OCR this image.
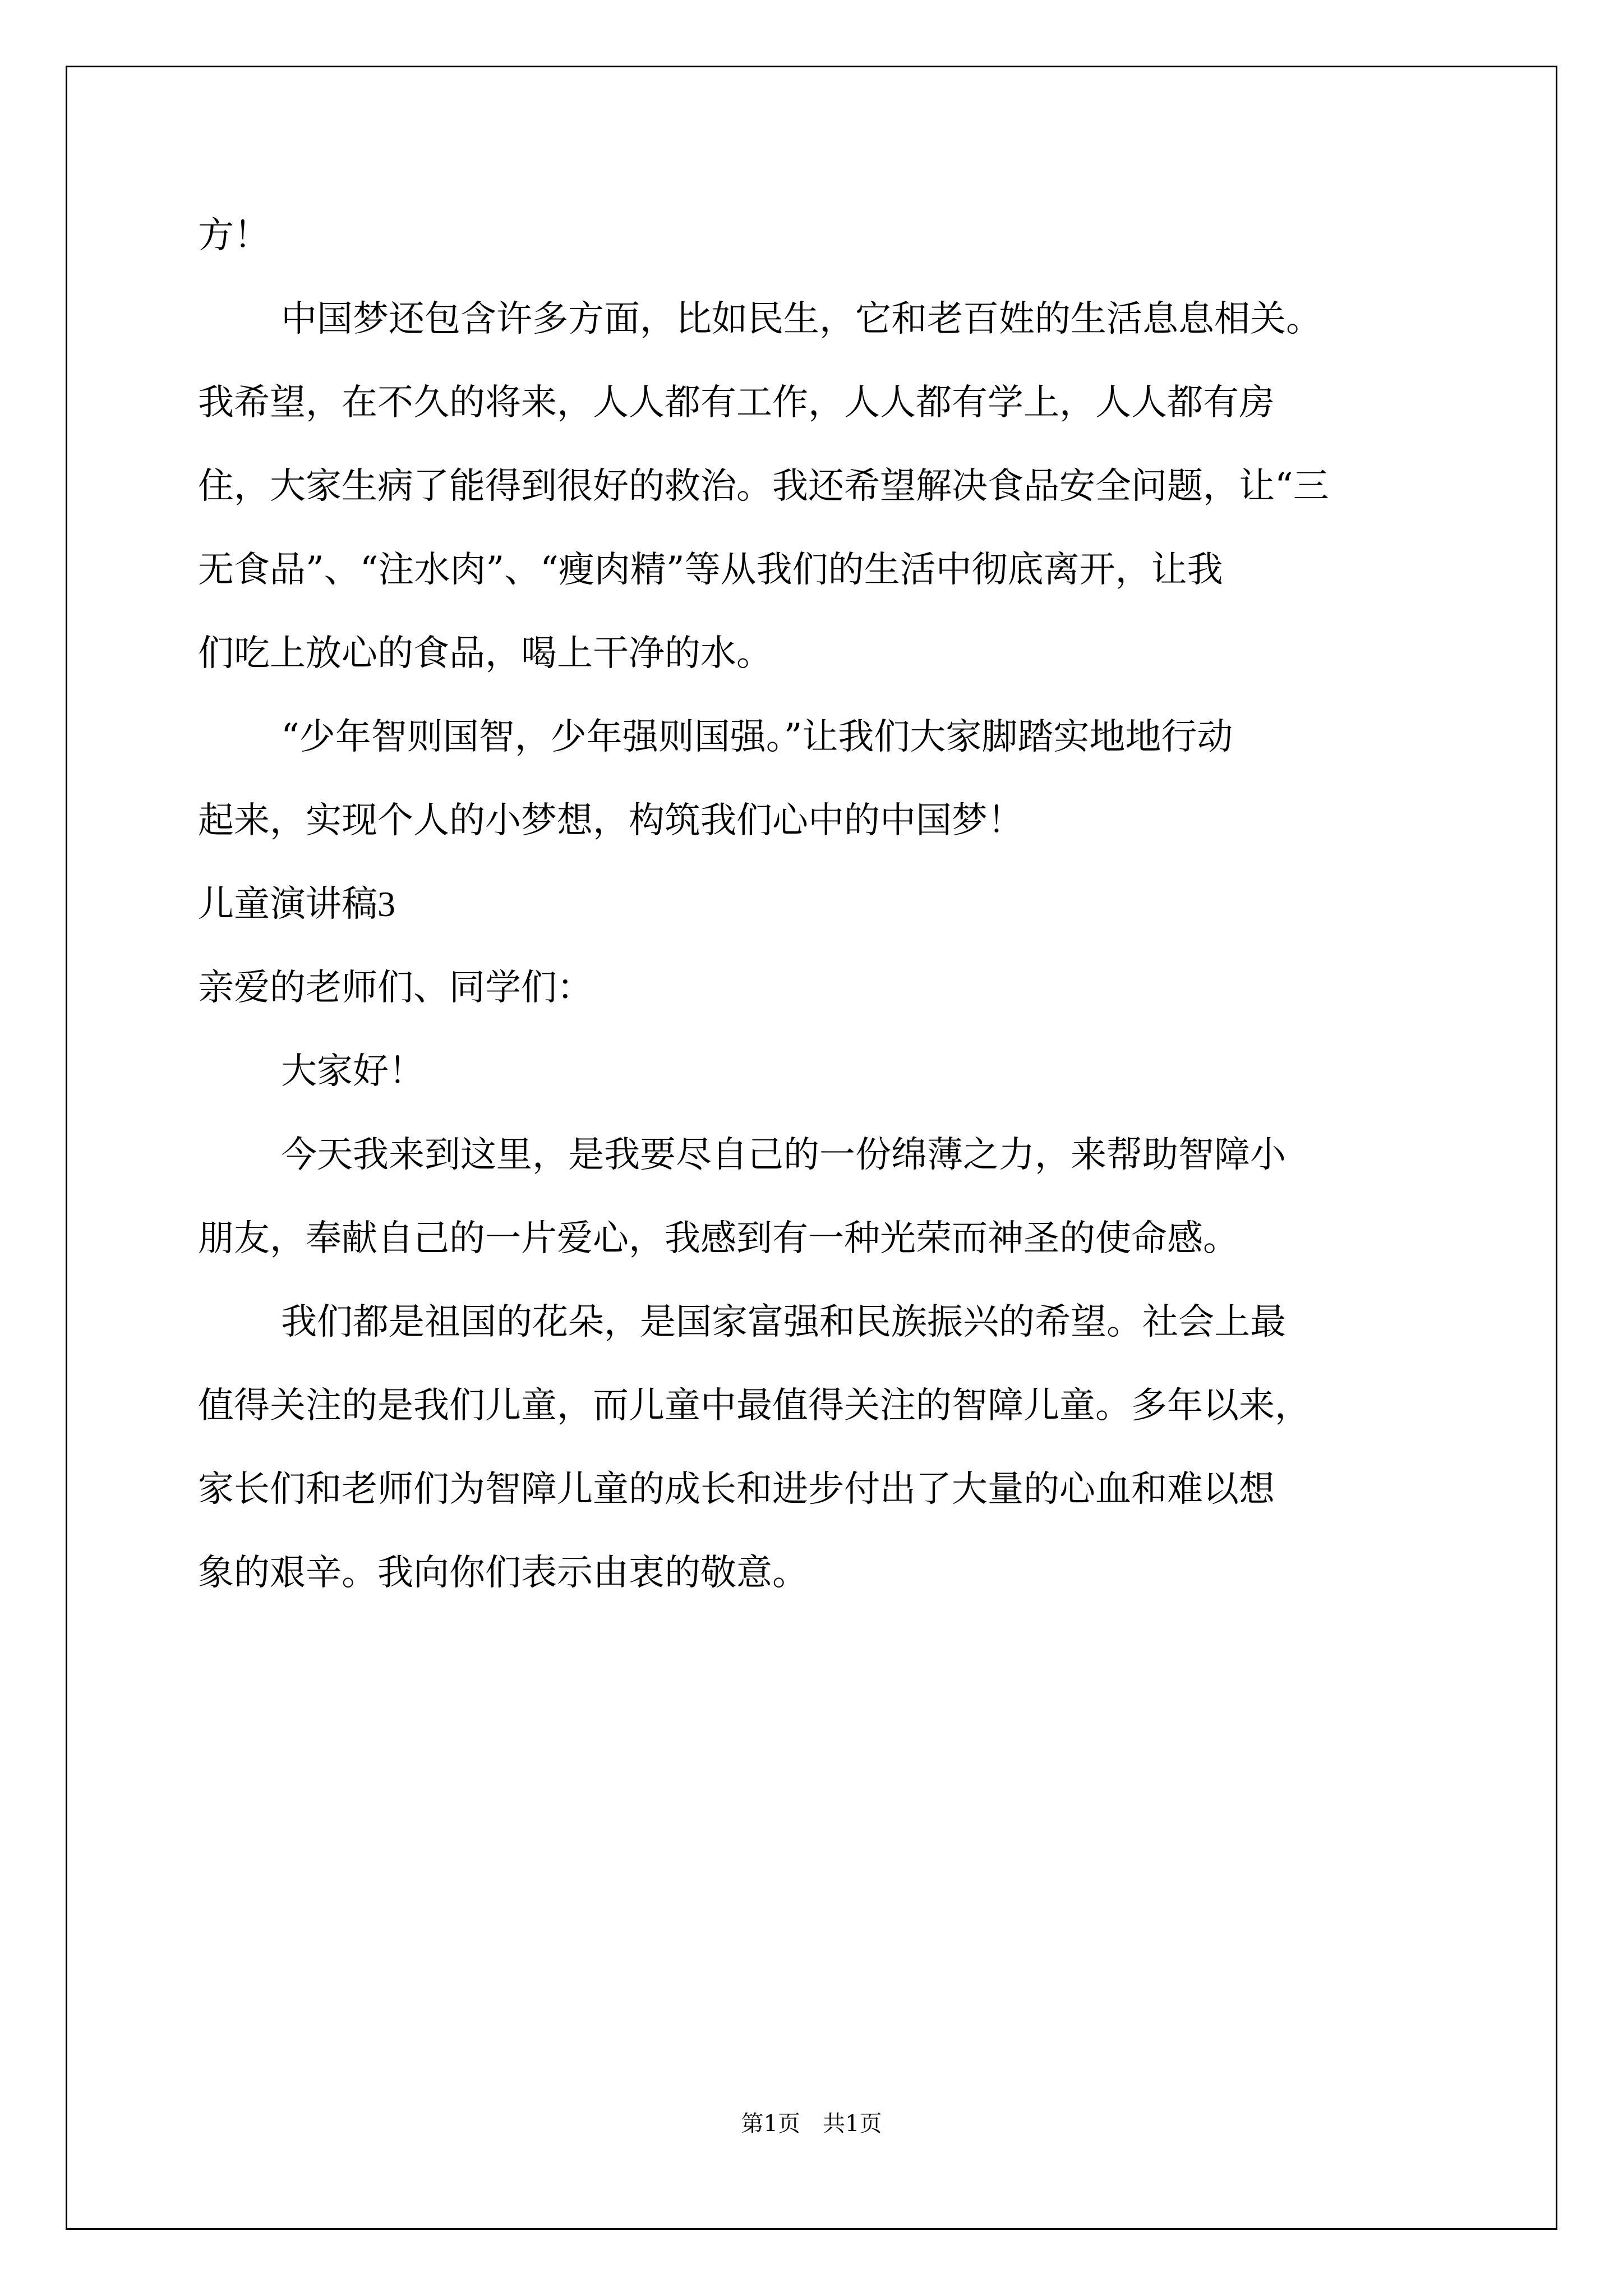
方！
中国梦还包含许多方面，比如民生，它和老百姓的生活息息相关。
我希望，在不久的将来，人人都有工作，人人都有学上，人人都有房
住，大家生病了能得到很好的救治。我还希望解决食品安全问题，让“三
无食品”、“注水肉”、“瘦肉精”等从我们的生活中彻底离开，让我
们吃上放心的食品，喝上干净的水。
“少年智则国智，少年强则国强。”让我们大家脚踏实地地行动
起来，实现个人的小梦想，构筑我们心中的中国梦！
儿童演讲稿3
亲爱的老师们、同学们：
大家好！
今天我来到这里，是我要尽自己的一份绵薄之力，来帮助智障小
朋友，奉献自己的一片爱心，我感到有一种光荣而神圣的使命感。
我们都是祖国的花朵，是国家富强和民族振兴的希望。社会上最
值得关注的是我们儿童，而儿童中最值得关注的智障儿童。多年以来，
家长们和老师们为智障儿童的成长和进步付出了大量的心血和难以想
象的艰辛。我向你们表示由衷的敬意。
第1页　共1页
